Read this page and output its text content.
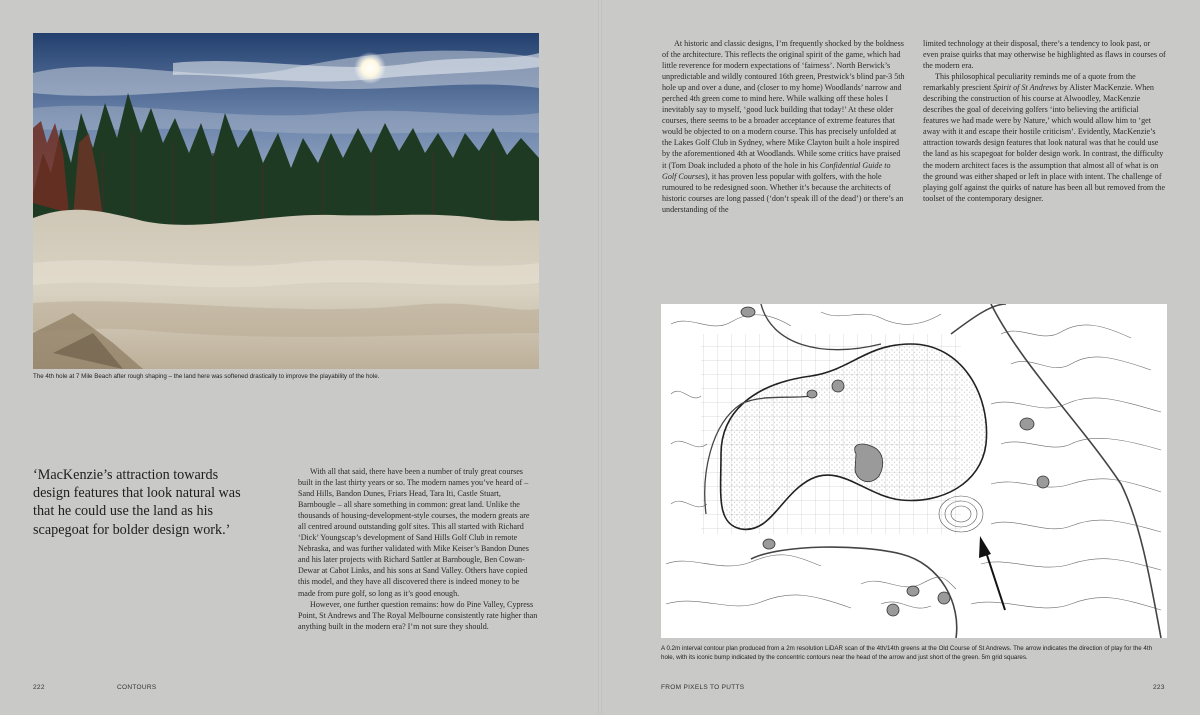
The 4th hole at 7 Mile Beach after rough shaping – the land here was softened drastically to improve the playability of the hole.
‘MacKenzie’s attraction towards design features that look natural was that he could use the land as his scapegoat for bolder design work.’

With all that said, there have been a number of truly great courses built in the last thirty years or so. The modern names you’ve heard of – Sand Hills, Bandon Dunes, Friars Head, Tara Iti, Castle Stuart, Barnbougle – all share something in common: great land. Unlike the thousands of housing-development-style courses, the modern greats are all centred around outstanding golf sites. This all started with Richard ‘Dick’ Youngscap’s development of Sand Hills Golf Club in remote Nebraska, and was further validated with Mike Keiser’s Bandon Dunes and his later projects with Richard Sattler at Barnbougle, Ben Cowan-Dewar at Cabot Links, and his sons at Sand Valley. Others have copied this model, and they have all discovered there is indeed money to be made from pure golf, so long as it’s good enough.

However, one further question remains: how do Pine Valley, Cypress Point, St Andrews and The Royal Melbourne consistently rate higher than anything built in the modern era? I’m not sure they should.

222	CONTOURS

At historic and classic designs, I’m frequently shocked by the boldness of the architecture. This reflects the original spirit of the game, which had little reverence for modern expectations of ‘fairness’. North Berwick’s unpredictable and wildly contoured 16th green, Prestwick’s blind par-3 5th hole up and over a dune, and (closer to my home) Woodlands’ narrow and perched 4th green come to mind here. While walking off these holes I inevitably say to myself, ‘good luck building that today!’ At these older courses, there seems to be a broader acceptance of extreme features that would be objected to on a modern course. This has precisely unfolded at the Lakes Golf Club in Sydney, where Mike Clayton built a hole inspired by the aforementioned 4th at Woodlands. While some critics have praised it (Tom Doak included a photo of the hole in his Confidential Guide to Golf Courses), it has proven less popular with golfers, with the hole rumoured to be redesigned soon. Whether it’s because the architects of historic courses are long passed (‘don’t speak ill of the dead’) or there’s an understanding of the

limited technology at their disposal, there’s a tendency to look past, or even praise quirks that may otherwise be highlighted as flaws in courses of the modern era.

This philosophical peculiarity reminds me of a quote from the remarkably prescient Spirit of St Andrews by Alister MacKenzie. When describing the construction of his course at Alwoodley, MacKenzie describes the goal of deceiving golfers ‘into believing the artificial features we had made were by Nature,’ which would allow him to ‘get away with it and escape their hostile criticism’. Evidently, MacKenzie’s attraction towards design features that look natural was that he could use the land as his scapegoat for bolder design work. In contrast, the difficulty the modern architect faces is the assumption that almost all of what is on the ground was either shaped or left in place with intent. The challenge of playing golf against the quirks of nature has been all but removed from the toolset of the contemporary designer.

A 0.2m interval contour plan produced from a 2m resolution LiDAR scan of the 4th/14th greens at the Old Course of St Andrews. The arrow indicates the direction of play for the 4th hole, with its iconic bump indicated by the concentric contours near the head of the arrow and just short of the green. 5m grid squares.
FROM PIXELS TO PUTTS	223
